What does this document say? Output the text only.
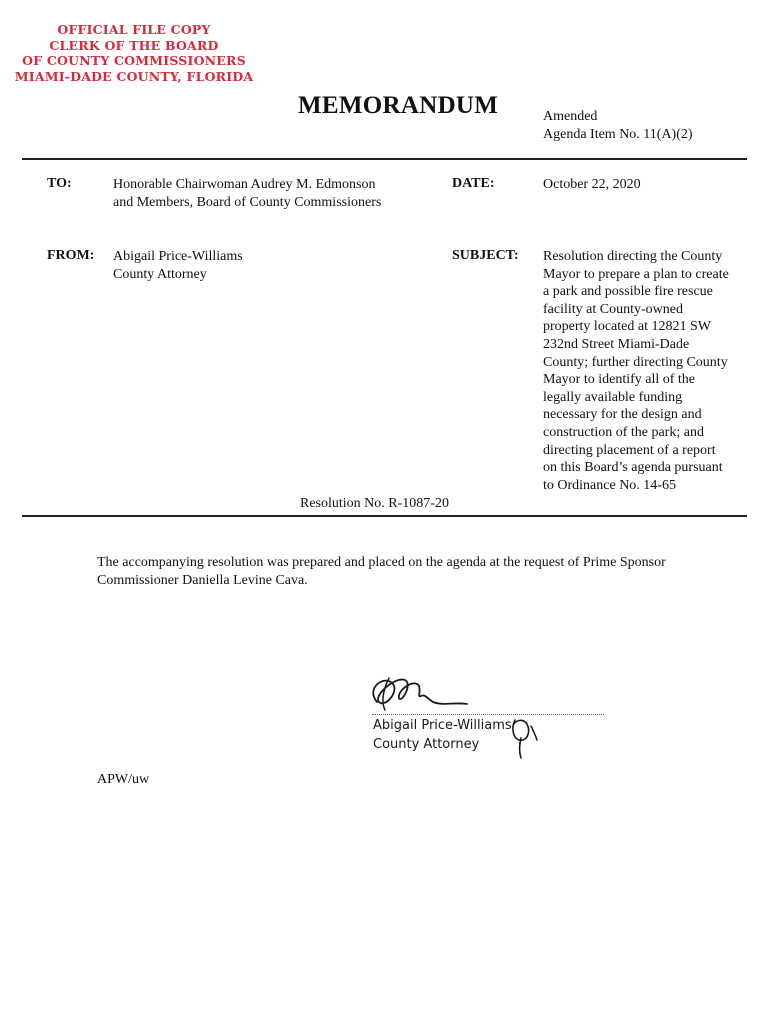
OFFICIAL FILE COPY
CLERK OF THE BOARD
OF COUNTY COMMISSIONERS
MIAMI-DADE COUNTY, FLORIDA
MEMORANDUM	Amended
Agenda Item No. 11(A)(2)
TO:	Honorable Chairwoman Audrey M. Edmonson
and Members, Board of County Commissioners
DATE:	October 22, 2020
FROM: Abigail Price-Williams
County Attorney
SUBJECT: Resolution directing the County
Mayor to prepare a plan to create
a park and possible fire rescue
facility at County-owned
property located at 12821 SW
232nd Street Miami-Dade
County; further directing County
Mayor to identify all of the
legally available funding
necessary for the design and
construction of the park; and
directing placement of a report
on this Board’s agenda pursuant
to Ordinance No. 14-65
Resolution No. R-1087-20
The accompanying resolution was prepared and placed on the agenda at the request of Prime Sponsor
Commissioner Daniella Levine Cava.
Abigail Price-Williams
County Attorney
APW/uw
